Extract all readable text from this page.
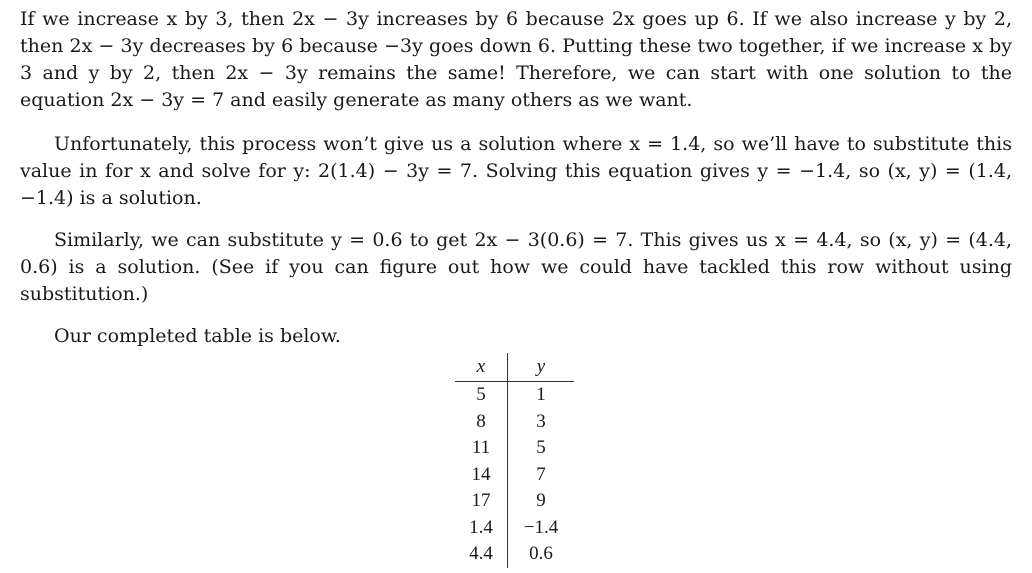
If we increase x by 3, then 2x − 3y increases by 6 because 2x goes up 6. If we also increase y by 2, then 2x − 3y decreases by 6 because −3y goes down 6. Putting these two together, if we increase x by 3 and y by 2, then 2x − 3y remains the same! Therefore, we can start with one solution to the equation 2x − 3y = 7 and easily generate as many others as we want.

Unfortunately, this process won’t give us a solution where x = 1.4, so we’ll have to substitute this value in for x and solve for y: 2(1.4) − 3y = 7. Solving this equation gives y = −1.4, so (x, y) = (1.4, −1.4) is a solution.

Similarly, we can substitute y = 0.6 to get 2x − 3(0.6) = 7. This gives us x = 4.4, so (x, y) = (4.4, 0.6) is a solution. (See if you can figure out how we could have tackled this row without using substitution.)

Our completed table is below.

x	y
5	1
8	3
11	5
14	7
17	9
1.4	−1.4
4.4	0.6
